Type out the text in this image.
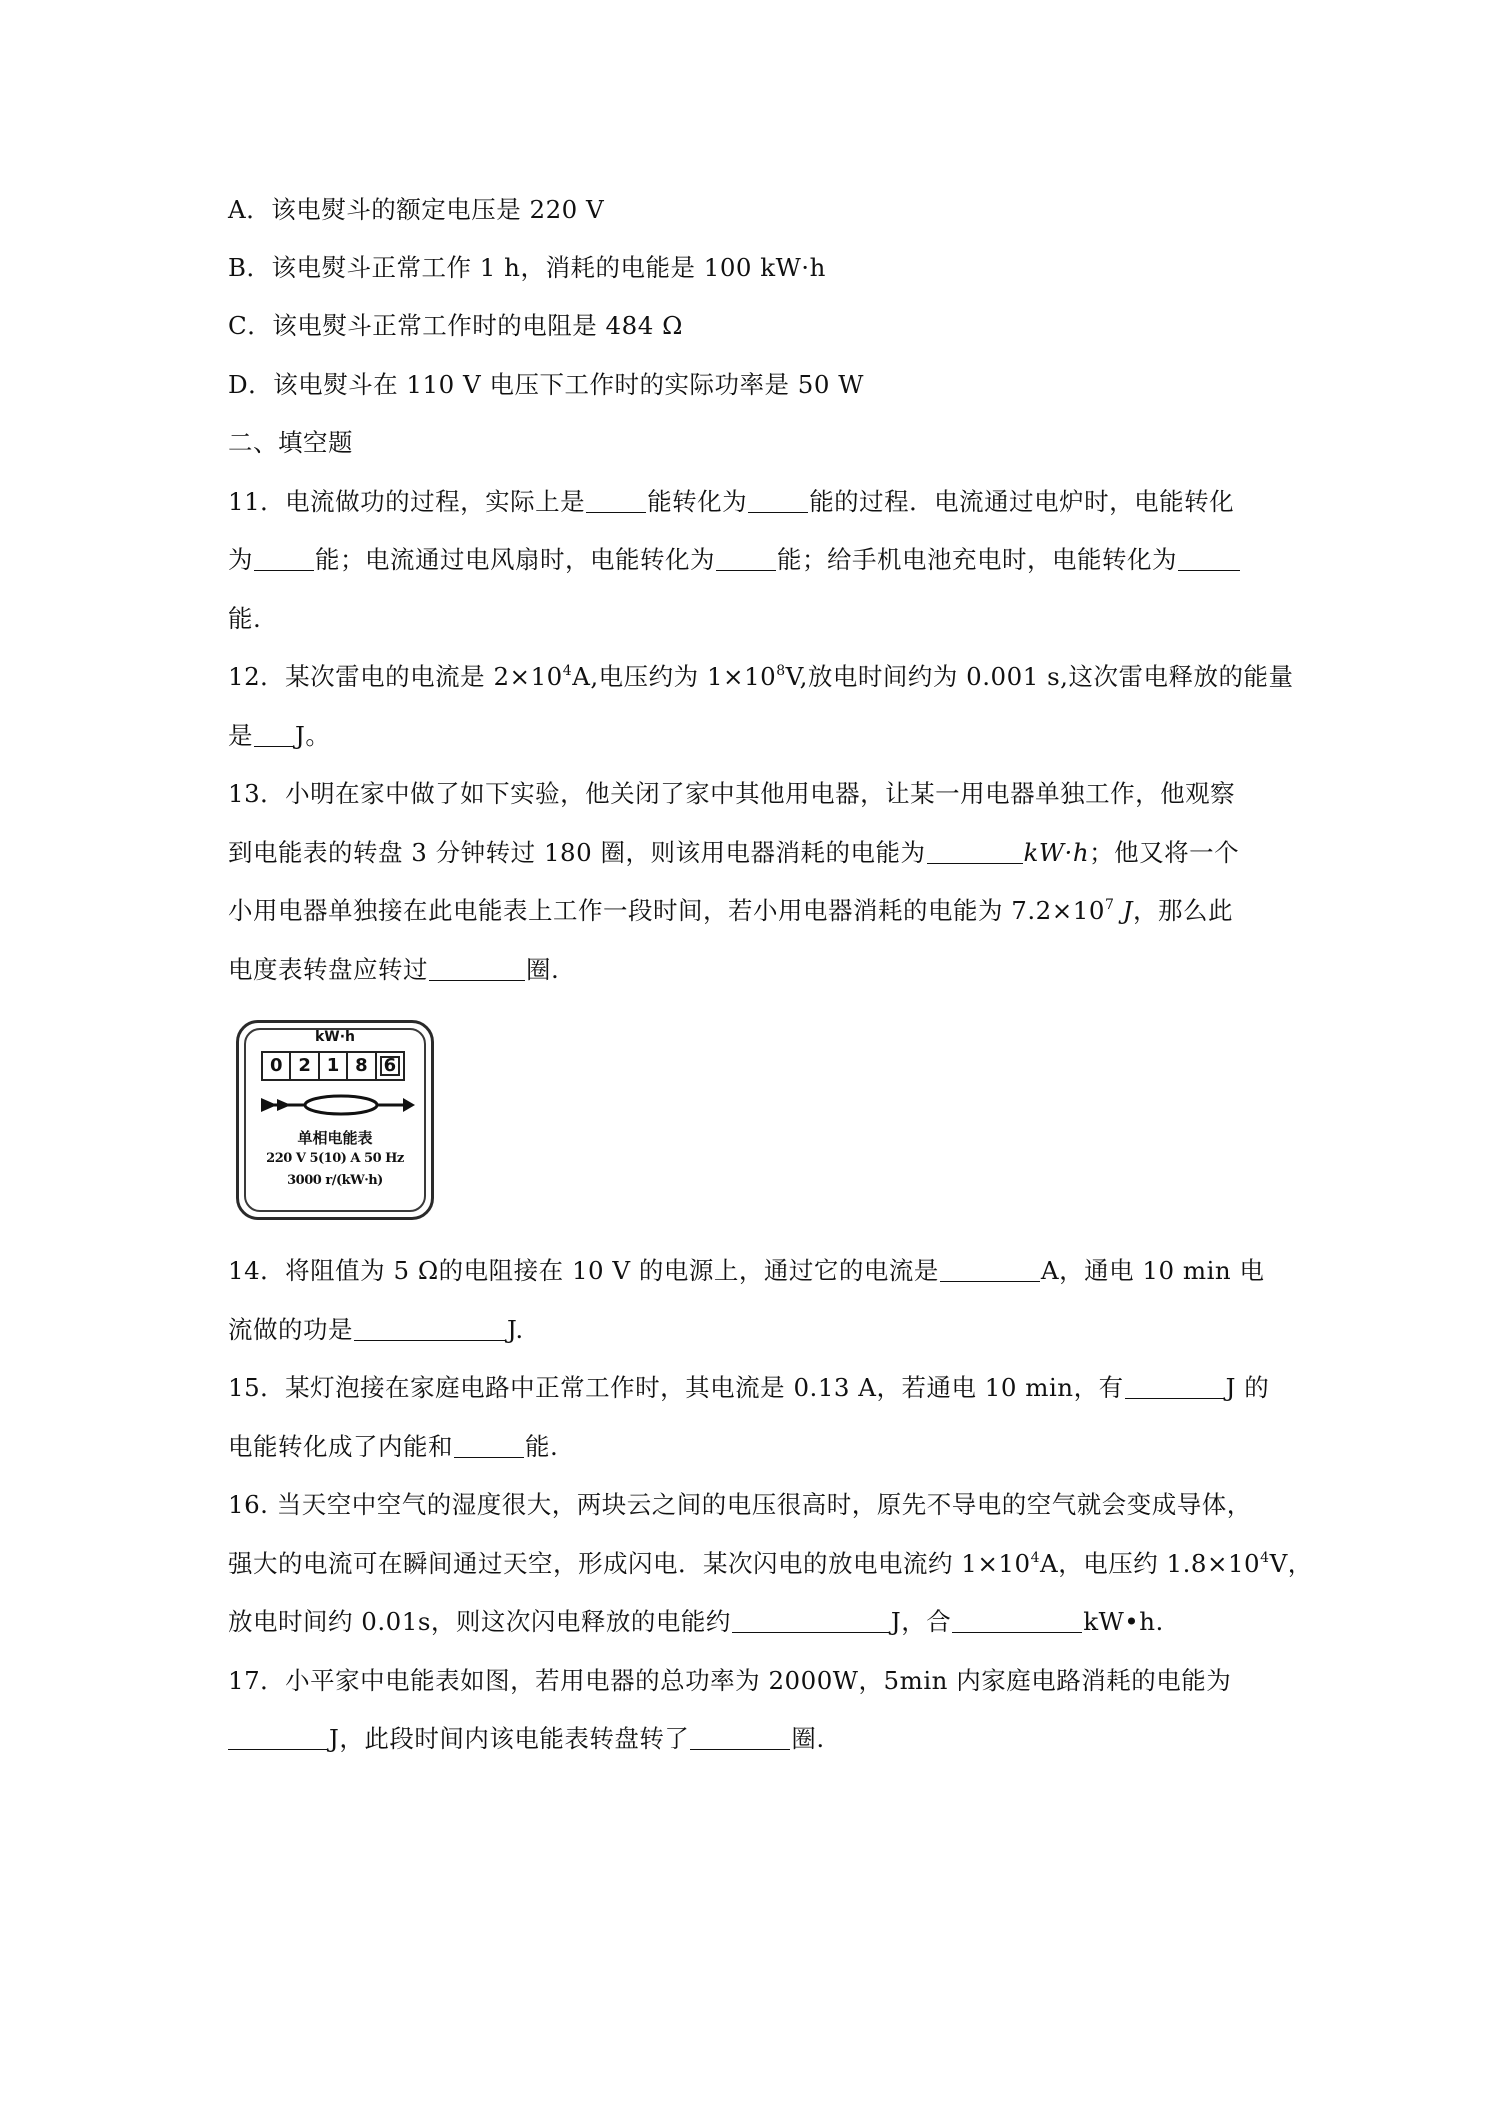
A．该电熨斗的额定电压是 220 V
B．该电熨斗正常工作 1 h，消耗的电能是 100 kW·h
C．该电熨斗正常工作时的电阻是 484 Ω
D．该电熨斗在 110 V 电压下工作时的实际功率是 50 W
二、填空题
11．电流做功的过程，实际上是	能转化为	能的过程．电流通过电炉时，电能转化
为	能；电流通过电风扇时，电能转化为	能；给手机电池充电时，电能转化为
能.
12．某次雷电的电流是 $2\times 10^4A$,电压约为 $1\times 10^8V$,放电时间约为 0.001 s,这次雷电释放的能量
是 J。
13．小明在家中做了如下实验，他关闭了家中其他用电器，让某一用电器单独工作，他观察
到电能表的转盘 3 分钟转过 180 圈，则该用电器消耗的电能为	kW·h；他又将一个
小用电器单独接在此电能表上工作一段时间，若小用电器消耗的电能为 $7.2\times 10^7$ J，那么此
电度表转盘应转过	圈.
14．将阻值为 5 Ω的电阻接在 10 V 的电源上，通过它的电流是	A，通电 10 min 电
流做的功是	J.
15．某灯泡接在家庭电路中正常工作时，其电流是 0.13 A，若通电 10 min，有	J 的
电能转化成了内能和	能.
16. 当天空中空气的湿度很大，两块云之间的电压很高时，原先不导电的空气就会变成导体，
强大的电流可在瞬间通过天空，形成闪电．某次闪电的放电电流约 $1\times 10^4A$，电压约 $1.8\times 10^4V$，
放电时间约 0.01s，则这次闪电释放的电能约	J，合	kW•h.
17．小平家中电能表如图，若用电器的总功率为 2000W，5min 内家庭电路消耗的电能为
J，此段时间内该电能表转盘转了	圈.
kW·h
0 2 1 8 6
单相电能表
220 V 5(10) A 50 Hz
3000 r/(kW·h)
